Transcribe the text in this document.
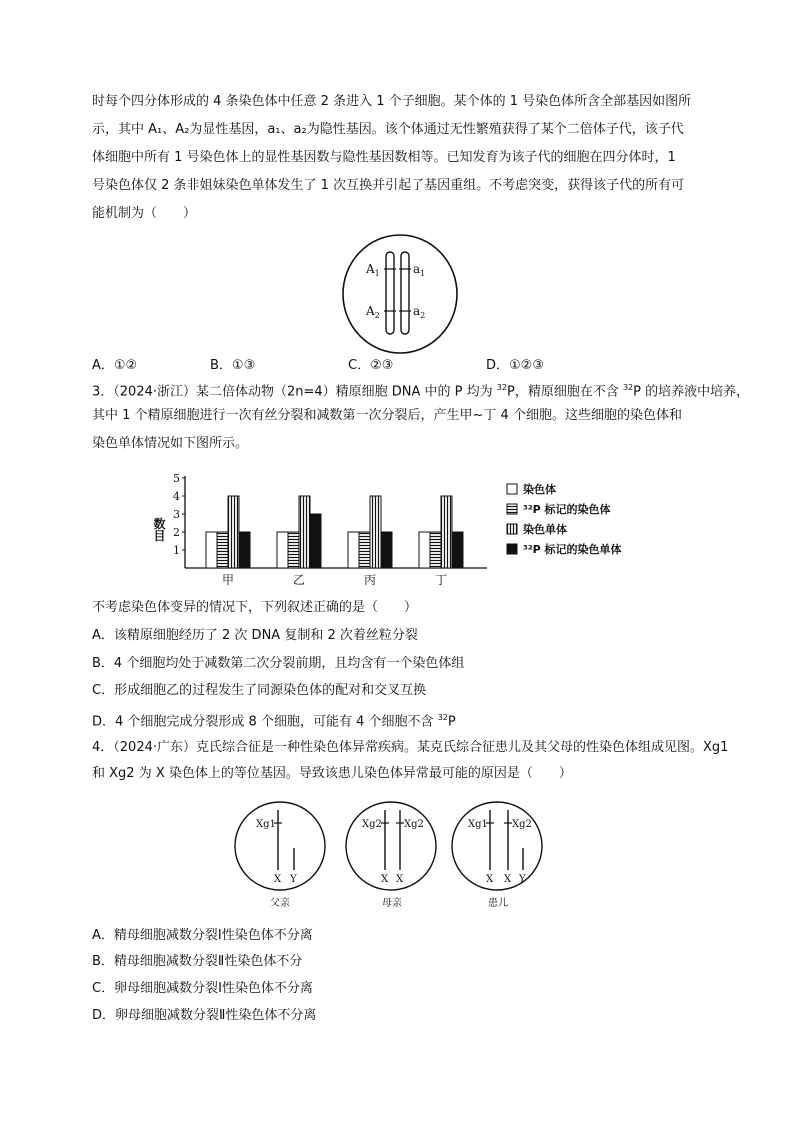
时每个四分体形成的 4 条染色体中任意 2 条进入 1 个子细胞。某个体的 1 号染色体所含全部基因如图所
示，其中 A₁、A₂为显性基因，a₁、a₂为隐性基因。该个体通过无性繁殖获得了某个二倍体子代，该子代
体细胞中所有 1 号染色体上的显性基因数与隐性基因数相等。已知发育为该子代的细胞在四分体时，1
号染色体仅 2 条非姐妹染色单体发生了 1 次互换并引起了基因重组。不考虑突变，获得该子代的所有可
能机制为（　　）
$A_1$	$a_1$
$A_2$	$a_2$
A．①②	B．①③	C．②③	D．①②③
3．（2024·浙江）某二倍体动物（2n=4）精原细胞 DNA 中的 P 均为 $^{32}$P，精原细胞在不含 $^{32}$P 的培养液中培养，
其中 1 个精原细胞进行一次有丝分裂和减数第一次分裂后，产生甲~丁 4 个细胞。这些细胞的染色体和
染色单体情况如下图所示。
1
2
3
4
5
数目
甲	乙	丙	丁
染色体
³²P 标记的染色体
染色单体
³²P 标记的染色单体
不考虑染色体变异的情况下，下列叙述正确的是（　　）
A．该精原细胞经历了 2 次 DNA 复制和 2 次着丝粒分裂
B．4 个细胞均处于减数第二次分裂前期，且均含有一个染色体组
C．形成细胞乙的过程发生了同源染色体的配对和交叉互换
D．4 个细胞完成分裂形成 8 个细胞，可能有 4 个细胞不含 $^{32}$P
4．（2024·广东）克氏综合征是一种性染色体异常疾病。某克氏综合征患儿及其父母的性染色体组成见图。Xg1
和 Xg2 为 X 染色体上的等位基因。导致该患儿染色体异常最可能的原因是（　　）
Xg1
X Y
父亲
Xg2 Xg2
X X
母亲
Xg1 Xg2
X X Y
患儿
A．精母细胞减数分裂Ⅰ性染色体不分离
B．精母细胞减数分裂Ⅱ性染色体不分
C．卵母细胞减数分裂Ⅰ性染色体不分离
D．卵母细胞减数分裂Ⅱ性染色体不分离
